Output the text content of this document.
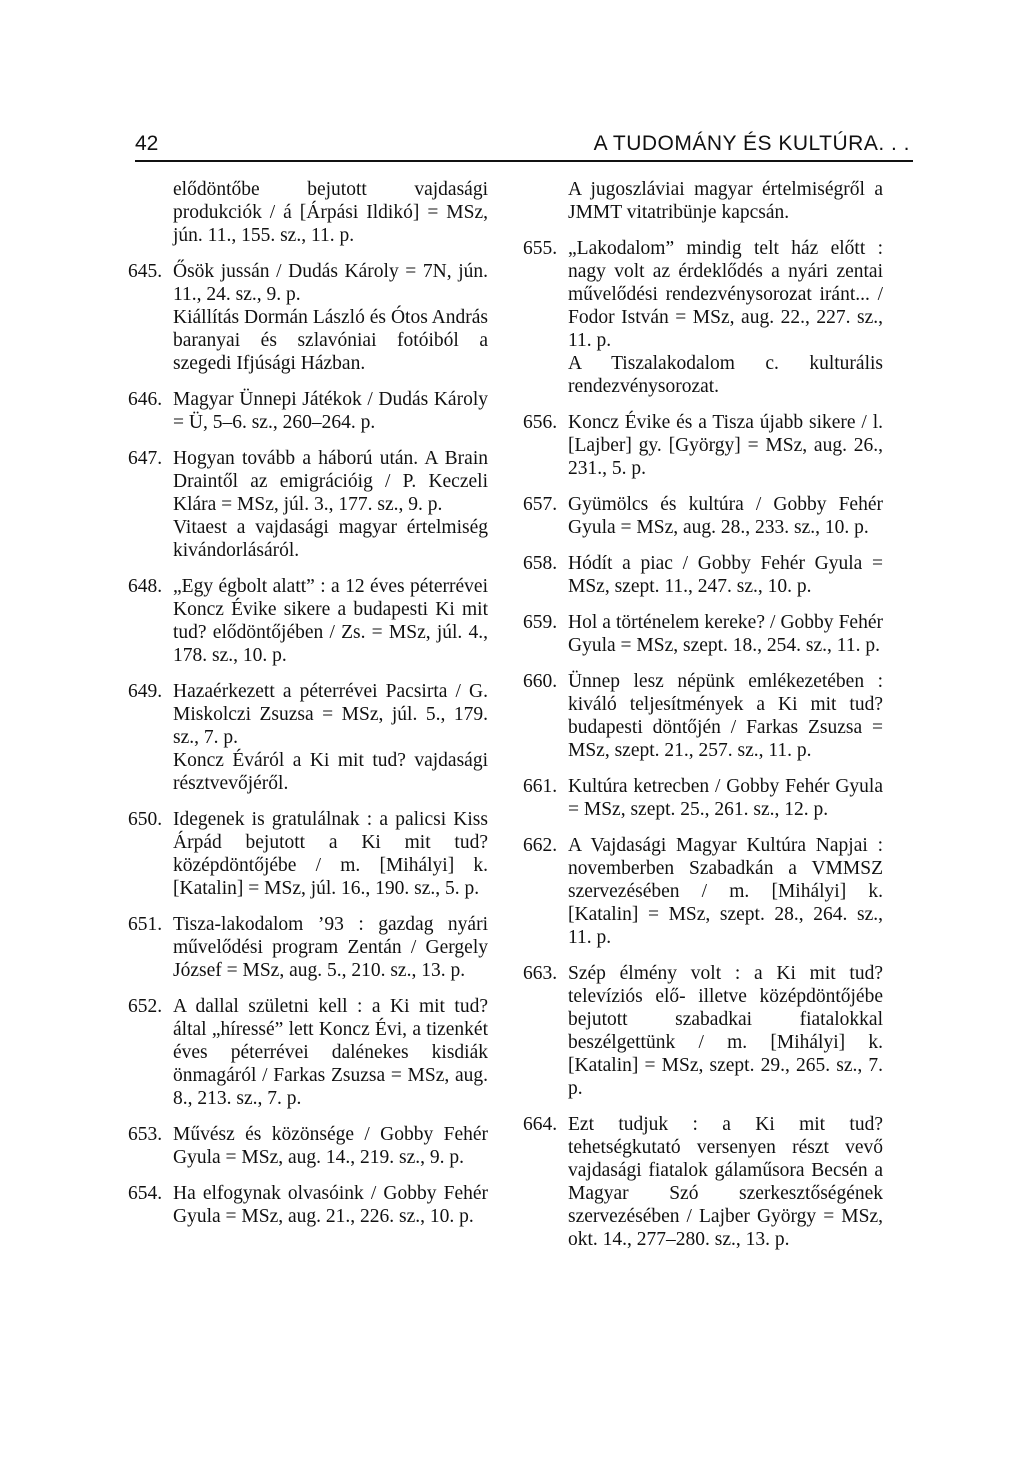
42	A TUDOMÁNY ÉS KULTÚRA. . .

elődöntőbe bejutott vajdasági produkciók / á [Árpási Ildikó] = MSz, jún. 11., 155. sz., 11. p.

645. Ősök jussán / Dudás Károly = 7N, jún. 11., 24. sz., 9. p.

Kiállítás Dormán László és Ótos András baranyai és szlavóniai fotóiból a szegedi Ifjúsági Házban.

646. Magyar Ünnepi Játékok / Dudás Károly = Ü, 5–6. sz., 260–264. p.

647. Hogyan tovább a háború után. A Brain Draintől az emigrációig / P. Keczeli Klára = MSz, júl. 3., 177. sz., 9. p.

Vitaest a vajdasági magyar értelmiség kivándorlásáról.

648. „Egy égbolt alatt” : a 12 éves péterrévei Koncz Évike sikere a budapesti Ki mit tud? elődöntőjében / Zs. = MSz, júl. 4., 178. sz., 10. p.

649. Hazaérkezett a péterrévei Pacsirta / G. Miskolczi Zsuzsa = MSz, júl. 5., 179. sz., 7. p.

Koncz Éváról a Ki mit tud? vajdasági résztvevőjéről.

650. Idegenek is gratulálnak : a palicsi Kiss Árpád bejutott a Ki mit tud? középdöntőjébe / m. [Mihályi] k. [Katalin] = MSz, júl. 16., 190. sz., 5. p.

651. Tisza-lakodalom ’93 : gazdag nyári művelődési program Zentán / Gergely József = MSz, aug. 5., 210. sz., 13. p.

652. A dallal születni kell : a Ki mit tud? által „híressé” lett Koncz Évi, a tizenkét éves péterrévei dalénekes kisdiák önmagáról / Farkas Zsuzsa = MSz, aug. 8., 213. sz., 7. p.

653. Művész és közönsége / Gobby Fehér Gyula = MSz, aug. 14., 219. sz., 9. p.

654. Ha elfogynak olvasóink / Gobby Fehér Gyula = MSz, aug. 21., 226. sz., 10. p.

A jugoszláviai magyar értelmiségről a JMMT vitatribünje kapcsán.

655. „Lakodalom” mindig telt ház előtt : nagy volt az érdeklődés a nyári zentai művelődési rendezvénysorozat iránt... / Fodor István = MSz, aug. 22., 227. sz., 11. p.

A Tiszalakodalom c. kulturális rendezvénysorozat.

656. Koncz Évike és a Tisza újabb sikere / l. [Lajber] gy. [György] = MSz, aug. 26., 231., 5. p.

657. Gyümölcs és kultúra / Gobby Fehér Gyula = MSz, aug. 28., 233. sz., 10. p.

658. Hódít a piac / Gobby Fehér Gyula = MSz, szept. 11., 247. sz., 10. p.

659. Hol a történelem kereke? / Gobby Fehér Gyula = MSz, szept. 18., 254. sz., 11. p.

660. Ünnep lesz népünk emlékezetében : kiváló teljesítmények a Ki mit tud? budapesti döntőjén / Farkas Zsuzsa = MSz, szept. 21., 257. sz., 11. p.

661. Kultúra ketrecben / Gobby Fehér Gyula = MSz, szept. 25., 261. sz., 12. p.

662. A Vajdasági Magyar Kultúra Napjai : novemberben Szabadkán a VMMSZ szervezésében / m. [Mihályi] k. [Katalin] = MSz, szept. 28., 264. sz., 11. p.

663. Szép élmény volt : a Ki mit tud? televíziós elő- illetve középdöntőjébe bejutott szabadkai fiatalokkal beszélgettünk / m. [Mihályi] k. [Katalin] = MSz, szept. 29., 265. sz., 7. p.

664. Ezt tudjuk : a Ki mit tud? tehetségkutató versenyen részt vevő vajdasági fiatalok gálaműsora Becsén a Magyar Szó szerkesztőségének szervezésében / Lajber György = MSz, okt. 14., 277–280. sz., 13. p.
